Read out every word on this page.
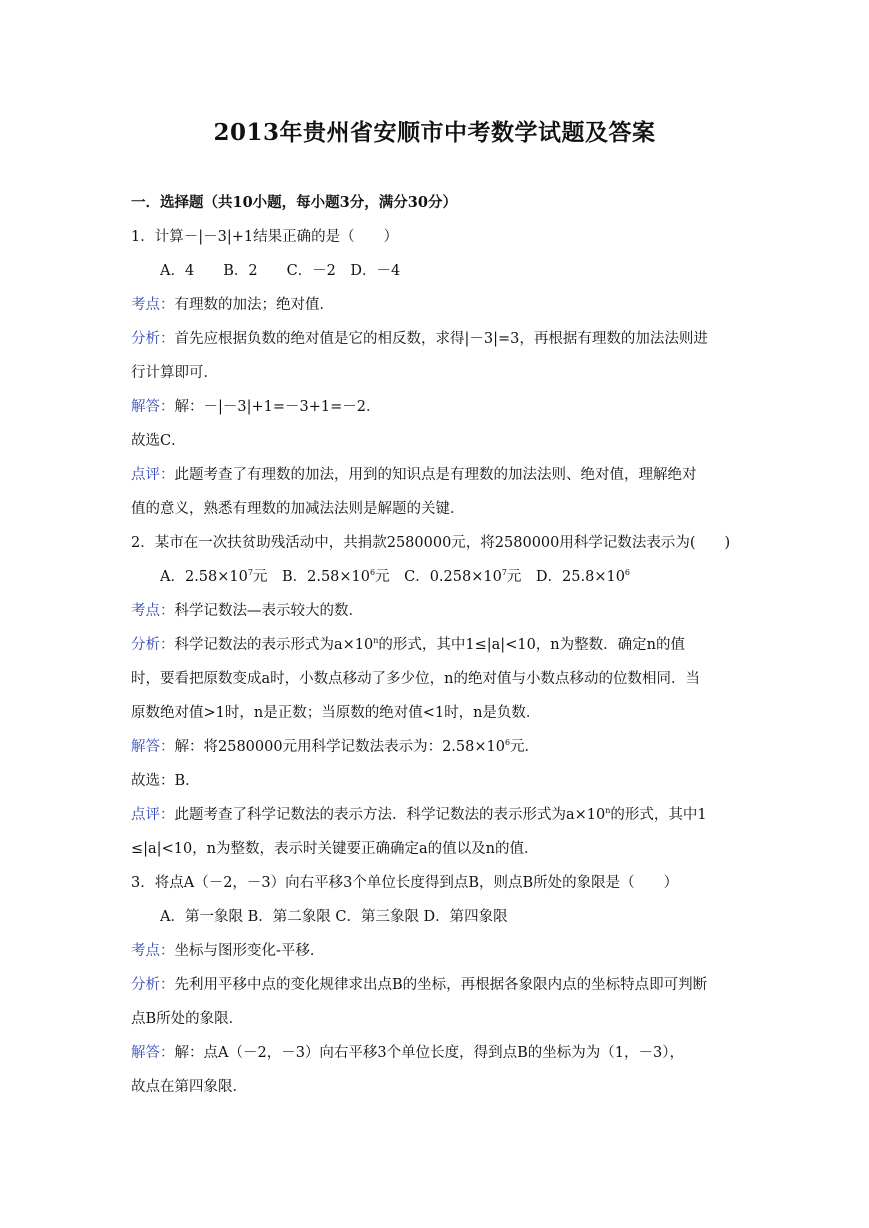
2013年贵州省安顺市中考数学试题及答案
一．选择题（共10小题，每小题3分，满分30分）
1．计算－|－3|+1结果正确的是（　　）
A．4　　B．2　　C．－2　D．－4
考点：有理数的加法；绝对值．
分析：首先应根据负数的绝对值是它的相反数，求得|－3|=3，再根据有理数的加法法则进
行计算即可．
解答：解：－|－3|+1=－3+1=－2．
故选C．
点评：此题考查了有理数的加法，用到的知识点是有理数的加法法则、绝对值，理解绝对
值的意义，熟悉有理数的加减法法则是解题的关键．
2．某市在一次扶贫助残活动中，共捐款2580000元，将2580000用科学记数法表示为(　　)
A．$2.58\times 10^7$元　B．$2.58\times 10^6$元　C．$0.258\times 10^7$元　D．$25.8\times 10^6$
考点：科学记数法—表示较大的数．
分析：科学记数法的表示形式为$a\times 10^n$的形式，其中1≤|a|<10，n为整数．确定n的值
时，要看把原数变成a时，小数点移动了多少位，n的绝对值与小数点移动的位数相同．当
原数绝对值>1时，n是正数；当原数的绝对值<1时，n是负数．
解答：解：将2580000元用科学记数法表示为：$2.58\times 10^6$元．
故选：B．
点评：此题考查了科学记数法的表示方法．科学记数法的表示形式为$a\times 10^n$的形式，其中1
≤|a|<10，n为整数，表示时关键要正确确定a的值以及n的值．
3．将点A（－2，－3）向右平移3个单位长度得到点B，则点B所处的象限是（　　）
A．第一象限 B．第二象限 C．第三象限 D．第四象限
考点：坐标与图形变化-平移．
分析：先利用平移中点的变化规律求出点B的坐标，再根据各象限内点的坐标特点即可判断
点B所处的象限．
解答：解：点A（－2，－3）向右平移3个单位长度，得到点B的坐标为为（1，－3），
故点在第四象限．
